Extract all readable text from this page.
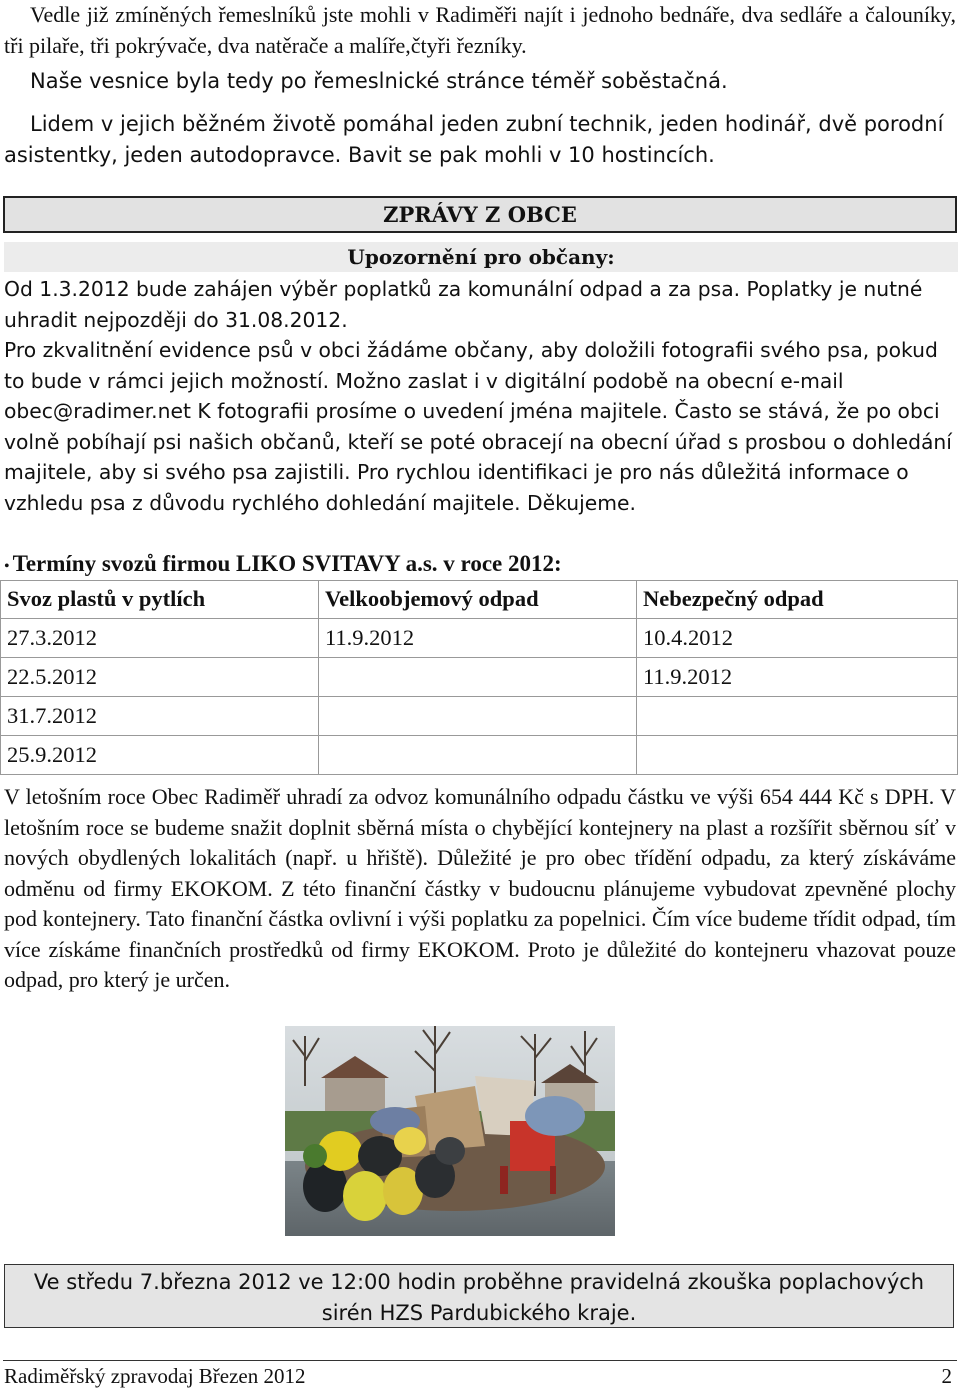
Vedle již zmíněných řemeslníků jste mohli v Radiměři najít i jednoho bednáře, dva sedláře a čalouníky, tři pilaře, tři pokrývače, dva natěrače a malíře,čtyři řezníky.
Naše vesnice byla tedy po řemeslnické stránce téměř soběstačná.
Lidem v jejich běžném životě pomáhal jeden zubní technik, jeden hodinář, dvě porodní asistentky, jeden autodopravce. Bavit se pak mohli v 10 hostincích.
ZPRÁVY Z OBCE
Upozornění pro občany:

Od 1.3.2012 bude zahájen výběr poplatků za komunální odpad a za psa. Poplatky je nutné uhradit nejpozději do 31.08.2012.

Pro zkvalitnění evidence psů v obci žádáme občany, aby doložili fotografii svého psa, pokud to bude v rámci jejich možností. Možno zaslat i v digitální podobě na obecní e-mail obec@radimer.net K fotografii prosíme o uvedení jména majitele. Často se stává, že po obci volně pobíhají psi našich občanů, kteří se poté obracejí na obecní úřad s prosbou o dohledání majitele, aby si svého psa zajistili. Pro rychlou identifikaci je pro nás důležitá informace o vzhledu psa z důvodu rychlého dohledání majitele. Děkujeme.

• Termíny svozů firmou LIKO SVITAVY a.s. v roce 2012:
Svoz plastů v pytlích	Velkoobjemový odpad	Nebezpečný odpad
27.3.2012	11.9.2012	10.4.2012
22.5.2012		11.9.2012
31.7.2012		
25.9.2012		
V letošním roce Obec Radiměř uhradí za odvoz komunálního odpadu částku ve výši 654 444 Kč s DPH. V letošním roce se budeme snažit doplnit sběrná místa o chybějící kontejnery na plast a rozšířit sběrnou síť v nových obydlených lokalitách (např. u hřiště). Důležité je pro obec třídění odpadu, za který získáváme odměnu od firmy EKOKOM. Z této finanční částky v budoucnu plánujeme vybudovat zpevněné plochy pod kontejnery. Tato finanční částka ovlivní i výši poplatku za popelnici. Čím více budeme třídit odpad, tím více získáme finančních prostředků od firmy EKOKOM. Proto je důležité do kontejneru vhazovat pouze odpad, pro který je určen.
Ve středu 7.března 2012 ve 12:00 hodin proběhne pravidelná zkouška poplachových
sirén HZS Pardubického kraje.
Radiměřský zpravodaj Březen 2012	2
